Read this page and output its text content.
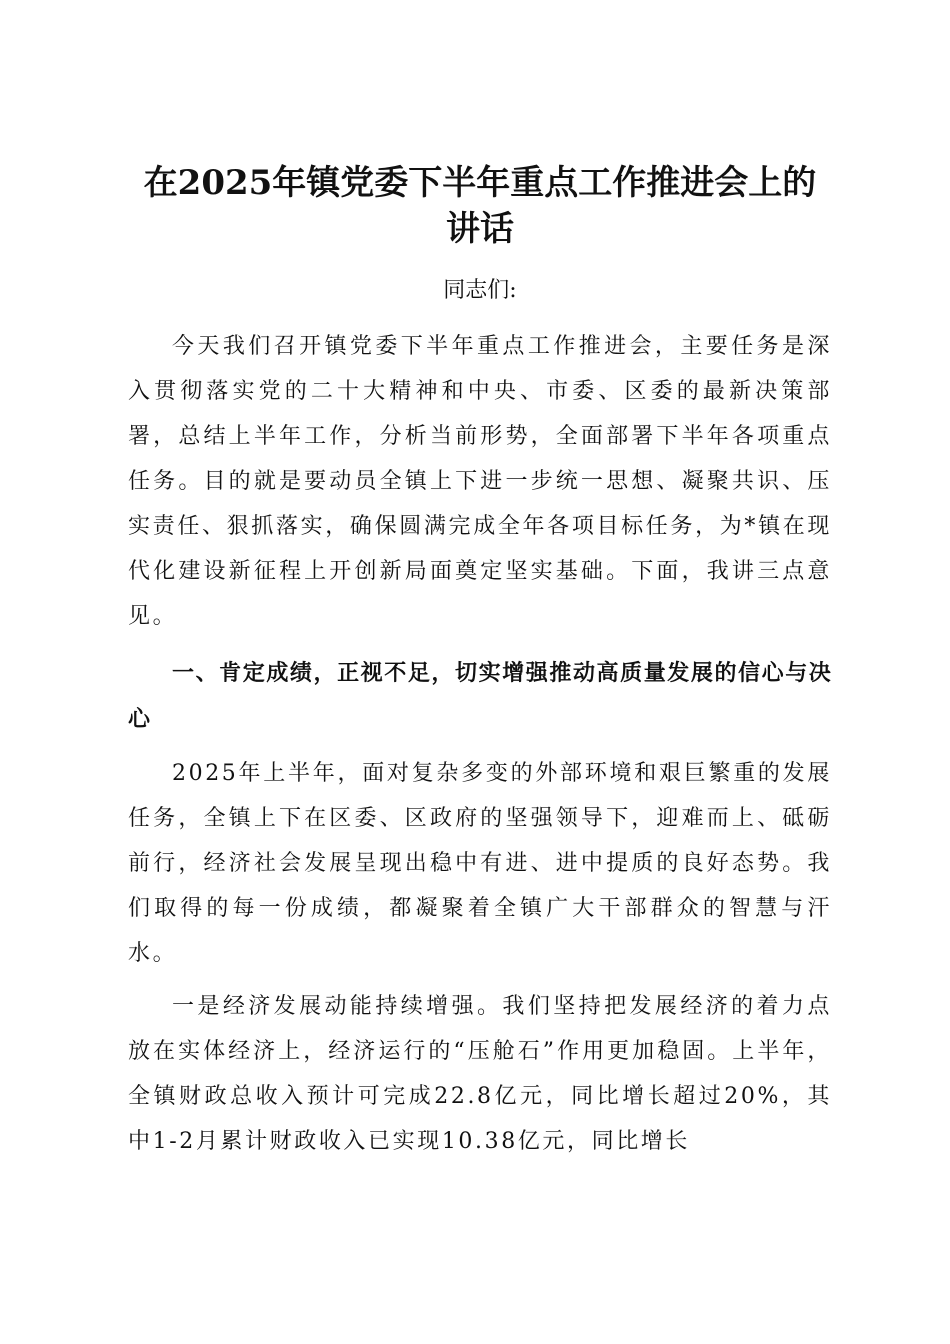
在2025年镇党委下半年重点工作推进会上的讲话

同志们:

今天我们召开镇党委下半年重点工作推进会，主要任务是深入贯彻落实党的二十大精神和中央、市委、区委的最新决策部署，总结上半年工作，分析当前形势，全面部署下半年各项重点任务。目的就是要动员全镇上下进一步统一思想、凝聚共识、压实责任、狠抓落实，确保圆满完成全年各项目标任务，为*镇在现代化建设新征程上开创新局面奠定坚实基础。下面，我讲三点意见。

一、肯定成绩，正视不足，切实增强推动高质量发展的信心与决心

2025年上半年，面对复杂多变的外部环境和艰巨繁重的发展任务，全镇上下在区委、区政府的坚强领导下，迎难而上、砥砺前行，经济社会发展呈现出稳中有进、进中提质的良好态势。我们取得的每一份成绩，都凝聚着全镇广大干部群众的智慧与汗水。

一是经济发展动能持续增强。我们坚持把发展经济的着力点放在实体经济上，经济运行的“压舱石”作用更加稳固。上半年，全镇财政总收入预计可完成22.8亿元，同比增长超过20%，其中1-2月累计财政收入已实现10.38亿元，同比增长
